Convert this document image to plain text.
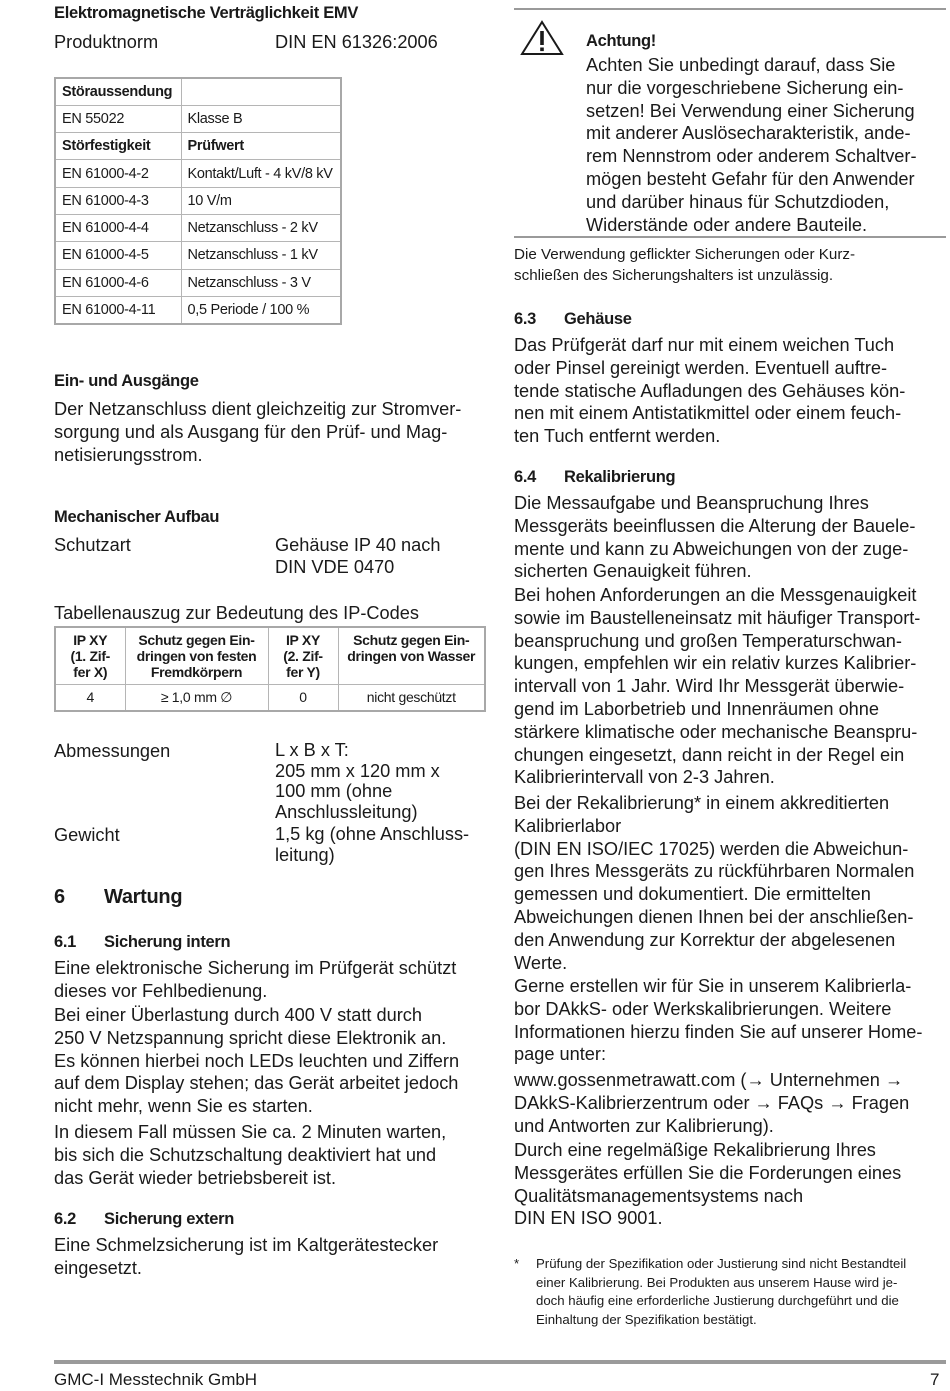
Elektromagnetische Verträglichkeit EMV
Produktnorm	DIN EN 61326:2006
Störaussendung	
EN 55022	Klasse B
Störfestigkeit	Prüfwert
EN 61000-4-2	Kontakt/Luft - 4 kV/8 kV
EN 61000-4-3	10 V/m
EN 61000-4-4	Netzanschluss - 2 kV
EN 61000-4-5	Netzanschluss - 1 kV
EN 61000-4-6	Netzanschluss - 3 V
EN 61000-4-11	0,5 Periode / 100 %
Ein- und Ausgänge
Der Netzanschluss dient gleichzeitig zur Stromver-
sorgung und als Ausgang für den Prüf- und Mag-
netisierungsstrom.
Mechanischer Aufbau
Schutzart	Gehäuse IP 40 nach
DIN VDE 0470
Tabellenauszug zur Bedeutung des IP-Codes
IP XY
(1. Zif-
fer X)	Schutz gegen Ein-
dringen von festen
Fremdkörpern	IP XY
(2. Zif-
fer Y)	Schutz gegen Ein-
dringen von Wasser
4	≥ 1,0 mm ∅	0	nicht geschützt
Abmessungen	L x B x T:
205 mm x 120 mm x
100 mm (ohne
Anschlussleitung)
Gewicht	1,5 kg (ohne Anschluss-
leitung)
6 Wartung
6.1 Sicherung intern
Eine elektronische Sicherung im Prüfgerät schützt
dieses vor Fehlbedienung.
Bei einer Überlastung durch 400 V statt durch
250 V Netzspannung spricht diese Elektronik an.
Es können hierbei noch LEDs leuchten und Ziffern
auf dem Display stehen; das Gerät arbeitet jedoch
nicht mehr, wenn Sie es starten.
In diesem Fall müssen Sie ca. 2 Minuten warten,
bis sich die Schutzschaltung deaktiviert hat und
das Gerät wieder betriebsbereit ist.
6.2 Sicherung extern
Eine Schmelzsicherung ist im Kaltgerätestecker
eingesetzt.
Achtung!
Achten Sie unbedingt darauf, dass Sie
nur die vorgeschriebene Sicherung ein-
setzen! Bei Verwendung einer Sicherung
mit anderer Auslösecharakteristik, ande-
rem Nennstrom oder anderem Schaltver-
mögen besteht Gefahr für den Anwender
und darüber hinaus für Schutzdioden,
Widerstände oder andere Bauteile.
Die Verwendung geflickter Sicherungen oder Kurz-
schließen des Sicherungshalters ist unzulässig.
6.3 Gehäuse
Das Prüfgerät darf nur mit einem weichen Tuch
oder Pinsel gereinigt werden. Eventuell auftre-
tende statische Aufladungen des Gehäuses kön-
nen mit einem Antistatikmittel oder einem feuch-
ten Tuch entfernt werden.
6.4 Rekalibrierung
Die Messaufgabe und Beanspruchung Ihres
Messgeräts beeinflussen die Alterung der Bauele-
mente und kann zu Abweichungen von der zuge-
sicherten Genauigkeit führen.
Bei hohen Anforderungen an die Messgenauigkeit
sowie im Baustelleneinsatz mit häufiger Transport-
beanspruchung und großen Temperaturschwan-
kungen, empfehlen wir ein relativ kurzes Kalibrier-
intervall von 1 Jahr. Wird Ihr Messgerät überwie-
gend im Laborbetrieb und Innenräumen ohne
stärkere klimatische oder mechanische Beanspru-
chungen eingesetzt, dann reicht in der Regel ein
Kalibrierintervall von 2-3 Jahren.
Bei der Rekalibrierung* in einem akkreditierten
Kalibrierlabor
(DIN EN ISO/IEC 17025) werden die Abweichun-
gen Ihres Messgeräts zu rückführbaren Normalen
gemessen und dokumentiert. Die ermittelten
Abweichungen dienen Ihnen bei der anschließen-
den Anwendung zur Korrektur der abgelesenen
Werte.
Gerne erstellen wir für Sie in unserem Kalibrierla-
bor DAkkS- oder Werkskalibrierungen. Weitere
Informationen hierzu finden Sie auf unserer Home-
page unter:
www.gossenmetrawatt.com (→ Unternehmen →
DAkkS-Kalibrierzentrum oder → FAQs → Fragen
und Antworten zur Kalibrierung).
Durch eine regelmäßige Rekalibrierung Ihres
Messgerätes erfüllen Sie die Forderungen eines
Qualitätsmanagementsystems nach
DIN EN ISO 9001.
* Prüfung der Spezifikation oder Justierung sind nicht Bestandteil
einer Kalibrierung. Bei Produkten aus unserem Hause wird je-
doch häufig eine erforderliche Justierung durchgeführt und die
Einhaltung der Spezifikation bestätigt.
GMC-I Messtechnik GmbH	7
